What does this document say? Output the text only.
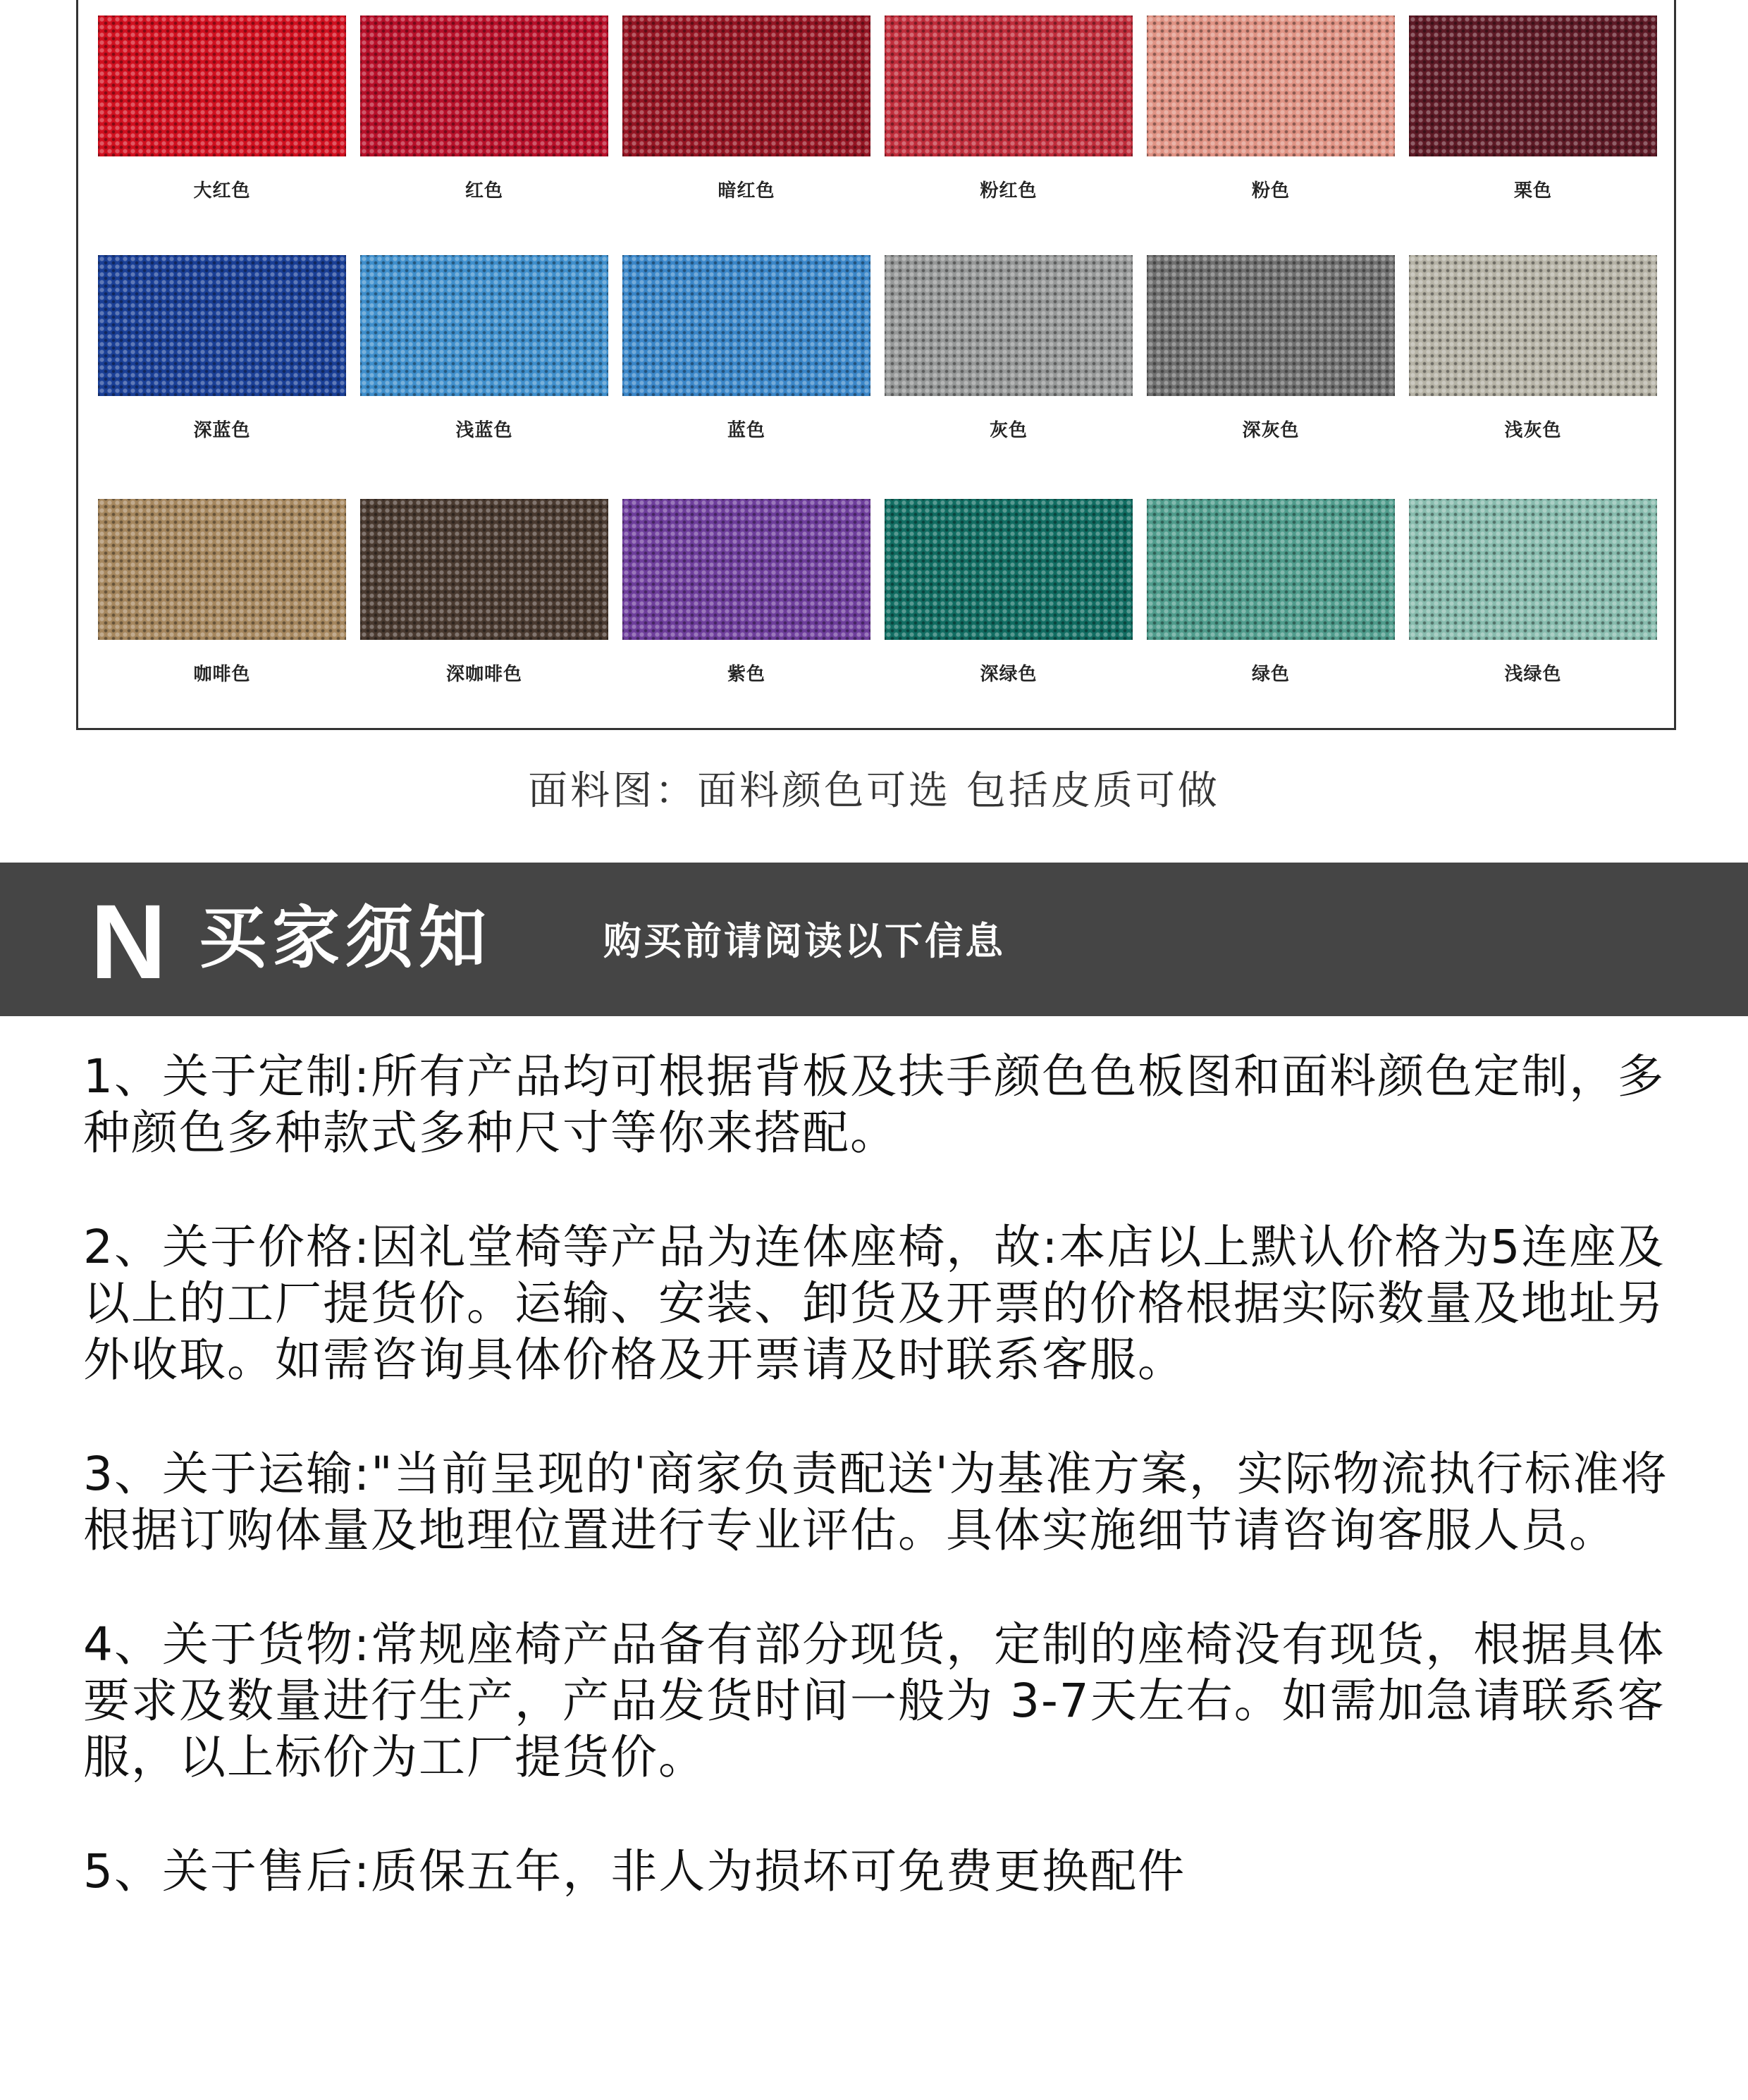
大红色	红色	暗红色	粉红色	粉色	栗色
深蓝色	浅蓝色	蓝色	灰色	深灰色	浅灰色
咖啡色	深咖啡色	紫色	深绿色	绿色	浅绿色
面料图：面料颜色可选 包括皮质可做
N 买家须知	购买前请阅读以下信息

1、关于定制:所有产品均可根据背板及扶手颜色色板图和面料颜色定制，多种颜色多种款式多种尺寸等你来搭配。

2、关于价格:因礼堂椅等产品为连体座椅，故:本店以上默认价格为5连座及以上的工厂提货价。运输、安装、卸货及开票的价格根据实际数量及地址另外收取。如需咨询具体价格及开票请及时联系客服。

3、关于运输:"当前呈现的'商家负责配送'为基准方案，实际物流执行标准将根据订购体量及地理位置进行专业评估。具体实施细节请咨询客服人员。

4、关于货物:常规座椅产品备有部分现货，定制的座椅没有现货，根据具体要求及数量进行生产，产品发货时间一般为 3-7天左右。如需加急请联系客服，以上标价为工厂提货价。

5、关于售后:质保五年，非人为损坏可免费更换配件
